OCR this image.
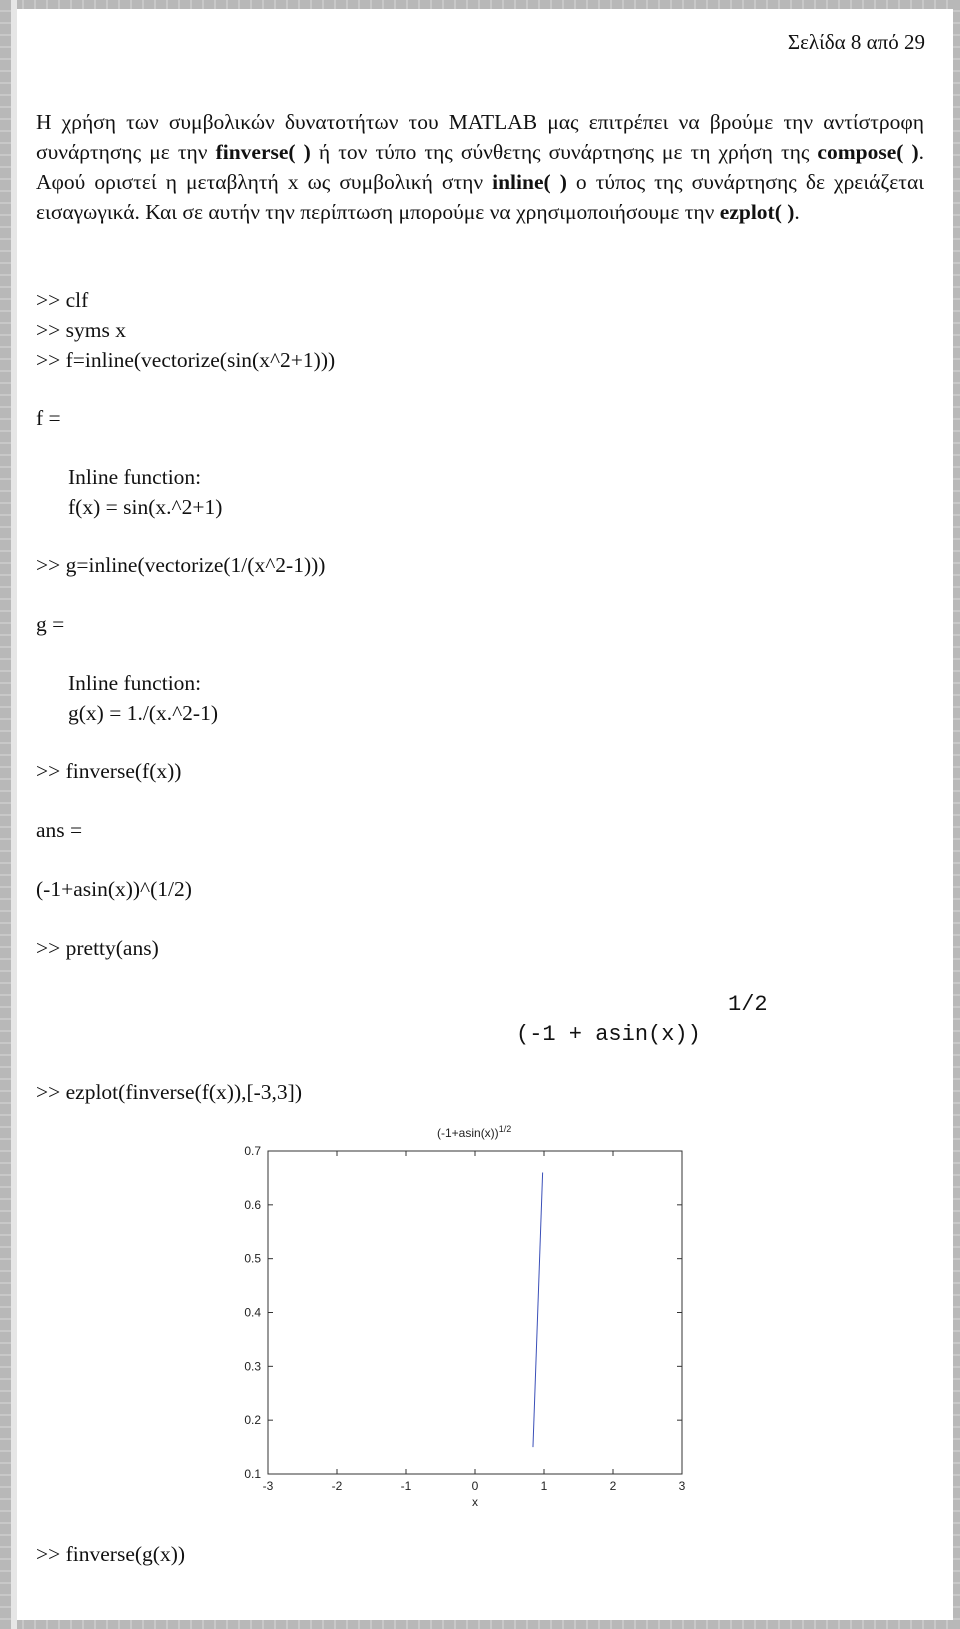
Σελίδα 8 από 29
Η χρήση των συμβολικών δυνατοτήτων του MATLAB μας επιτρέπει να βρούμε την αντίστροφη συνάρτησης με την finverse( ) ή τον τύπο της σύνθετης συνάρτησης με τη χρήση της compose( ). Αφού οριστεί η μεταβλητή x ως συμβολική στην inline( ) ο τύπος της συνάρτησης δε χρειάζεται εισαγωγικά. Και σε αυτήν την περίπτωση μπορούμε να χρησιμοποιήσουμε την ezplot( ).
>> clf
>> syms x
>> f=inline(vectorize(sin(x^2+1)))
f =
Inline function:
f(x) = sin(x.^2+1)
>> g=inline(vectorize(1/(x^2-1)))
g =
Inline function:
g(x) = 1./(x.^2-1)
>> finverse(f(x))
ans =
(-1+asin(x))^(1/2)
>> pretty(ans)
1/2
(-1 + asin(x))
>> ezplot(finverse(f(x)),[-3,3])
$(-1+asin(x))^{1/2}$
-3	-2	-1	0	1	2	3
0.7
0.6
0.5
0.4
0.3
0.2
0.1
x
>> finverse(g(x))
